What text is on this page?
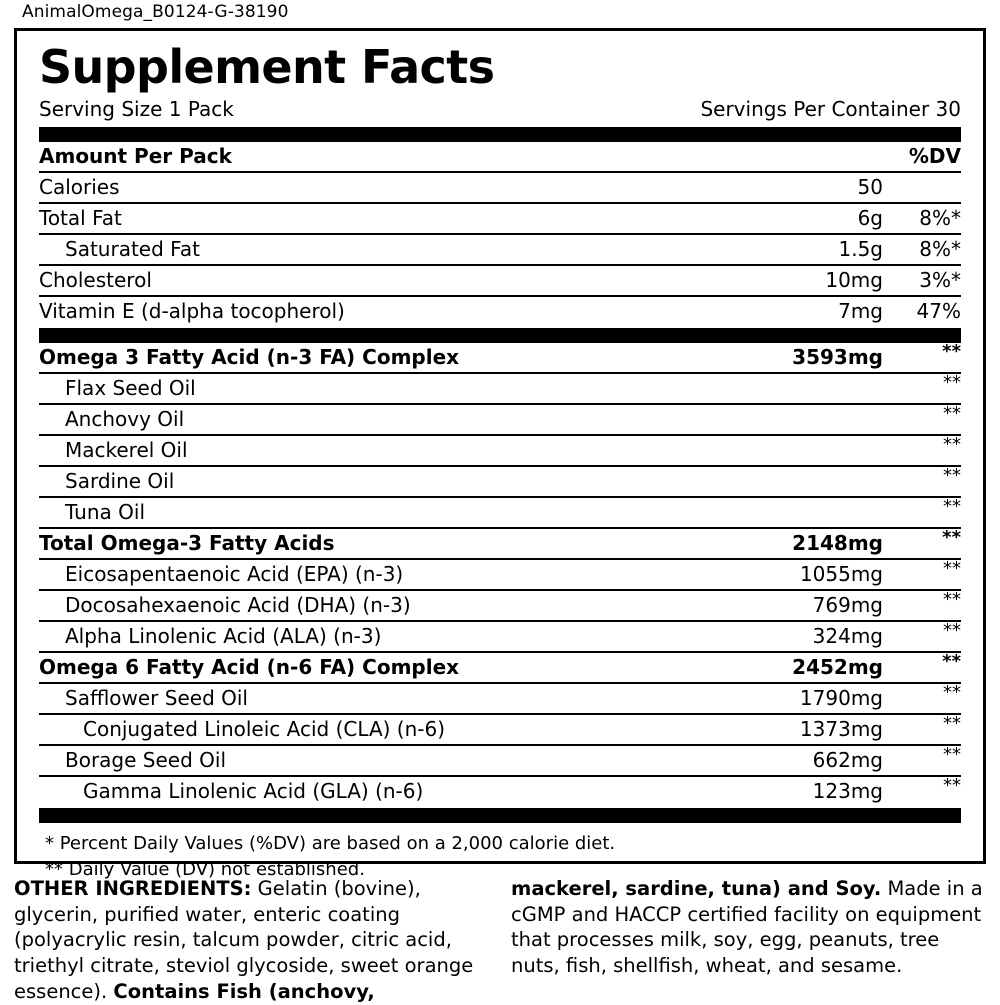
AnimalOmega_B0124-G-38190
Supplement Facts
Serving Size 1 Pack	Servings Per Container 30
Amount Per Pack		%DV
Calories	50	
Total Fat	6g	8%*
Saturated Fat	1.5g	8%*
Cholesterol	10mg	3%*
Vitamin E (d-alpha tocopherol)	7mg	47%
Omega 3 Fatty Acid (n-3 FA) Complex	3593mg	**
Flax Seed Oil		**
Anchovy Oil		**
Mackerel Oil		**
Sardine Oil		**
Tuna Oil		**
Total Omega-3 Fatty Acids	2148mg	**
Eicosapentaenoic Acid (EPA) (n-3)	1055mg	**
Docosahexaenoic Acid (DHA) (n-3)	769mg	**
Alpha Linolenic Acid (ALA) (n-3)	324mg	**
Omega 6 Fatty Acid (n-6 FA) Complex	2452mg	**
Safflower Seed Oil	1790mg	**
Conjugated Linoleic Acid (CLA) (n-6)	1373mg	**
Borage Seed Oil	662mg	**
Gamma Linolenic Acid (GLA) (n-6)	123mg	**
* Percent Daily Values (%DV) are based on a 2,000 calorie diet.
** Daily Value (DV) not established.
OTHER INGREDIENTS: Gelatin (bovine), glycerin, purified water, enteric coating (polyacrylic resin, talcum powder, citric acid, triethyl citrate, steviol glycoside, sweet orange essence). Contains Fish (anchovy, mackerel, sardine, tuna) and Soy. Made in a cGMP and HACCP certified facility on equipment that processes milk, soy, egg, peanuts, tree nuts, fish, shellfish, wheat, and sesame.
